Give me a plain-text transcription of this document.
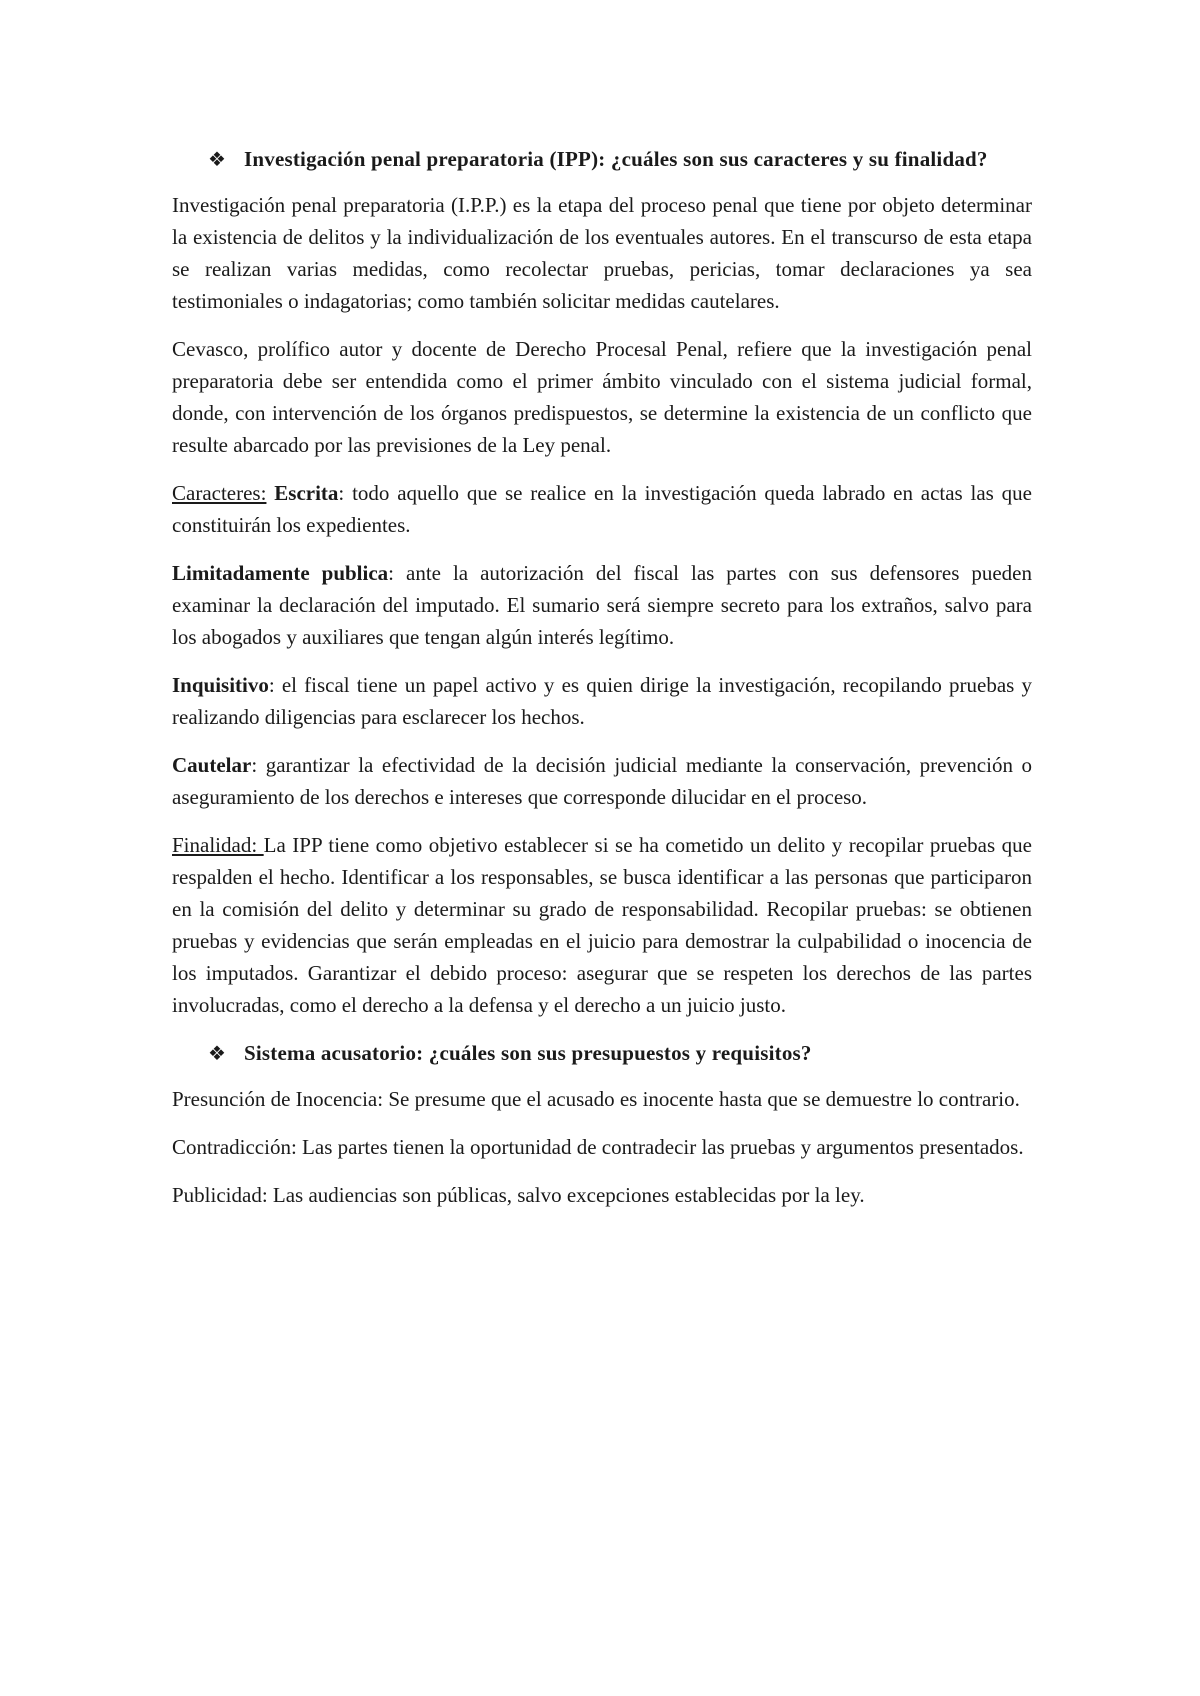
❖ Investigación penal preparatoria (IPP): ¿cuáles son sus caracteres y su finalidad?

Investigación penal preparatoria (I.P.P.) es la etapa del proceso penal que tiene por objeto determinar la existencia de delitos y la individualización de los eventuales autores. En el transcurso de esta etapa se realizan varias medidas, como recolectar pruebas, pericias, tomar declaraciones ya sea testimoniales o indagatorias; como también solicitar medidas cautelares.

Cevasco, prolífico autor y docente de Derecho Procesal Penal, refiere que la investigación penal preparatoria debe ser entendida como el primer ámbito vinculado con el sistema judicial formal, donde, con intervención de los órganos predispuestos, se determine la existencia de un conflicto que resulte abarcado por las previsiones de la Ley penal.

Caracteres: Escrita: todo aquello que se realice en la investigación queda labrado en actas las que constituirán los expedientes.

Limitadamente publica: ante la autorización del fiscal las partes con sus defensores pueden examinar la declaración del imputado. El sumario será siempre secreto para los extraños, salvo para los abogados y auxiliares que tengan algún interés legítimo.

Inquisitivo: el fiscal tiene un papel activo y es quien dirige la investigación, recopilando pruebas y realizando diligencias para esclarecer los hechos.

Cautelar: garantizar la efectividad de la decisión judicial mediante la conservación, prevención o aseguramiento de los derechos e intereses que corresponde dilucidar en el proceso.

Finalidad: La IPP tiene como objetivo establecer si se ha cometido un delito y recopilar pruebas que respalden el hecho. Identificar a los responsables, se busca identificar a las personas que participaron en la comisión del delito y determinar su grado de responsabilidad. Recopilar pruebas: se obtienen pruebas y evidencias que serán empleadas en el juicio para demostrar la culpabilidad o inocencia de los imputados. Garantizar el debido proceso: asegurar que se respeten los derechos de las partes involucradas, como el derecho a la defensa y el derecho a un juicio justo.

❖ Sistema acusatorio: ¿cuáles son sus presupuestos y requisitos?

Presunción de Inocencia: Se presume que el acusado es inocente hasta que se demuestre lo contrario.

Contradicción: Las partes tienen la oportunidad de contradecir las pruebas y argumentos presentados.

Publicidad: Las audiencias son públicas, salvo excepciones establecidas por la ley.
